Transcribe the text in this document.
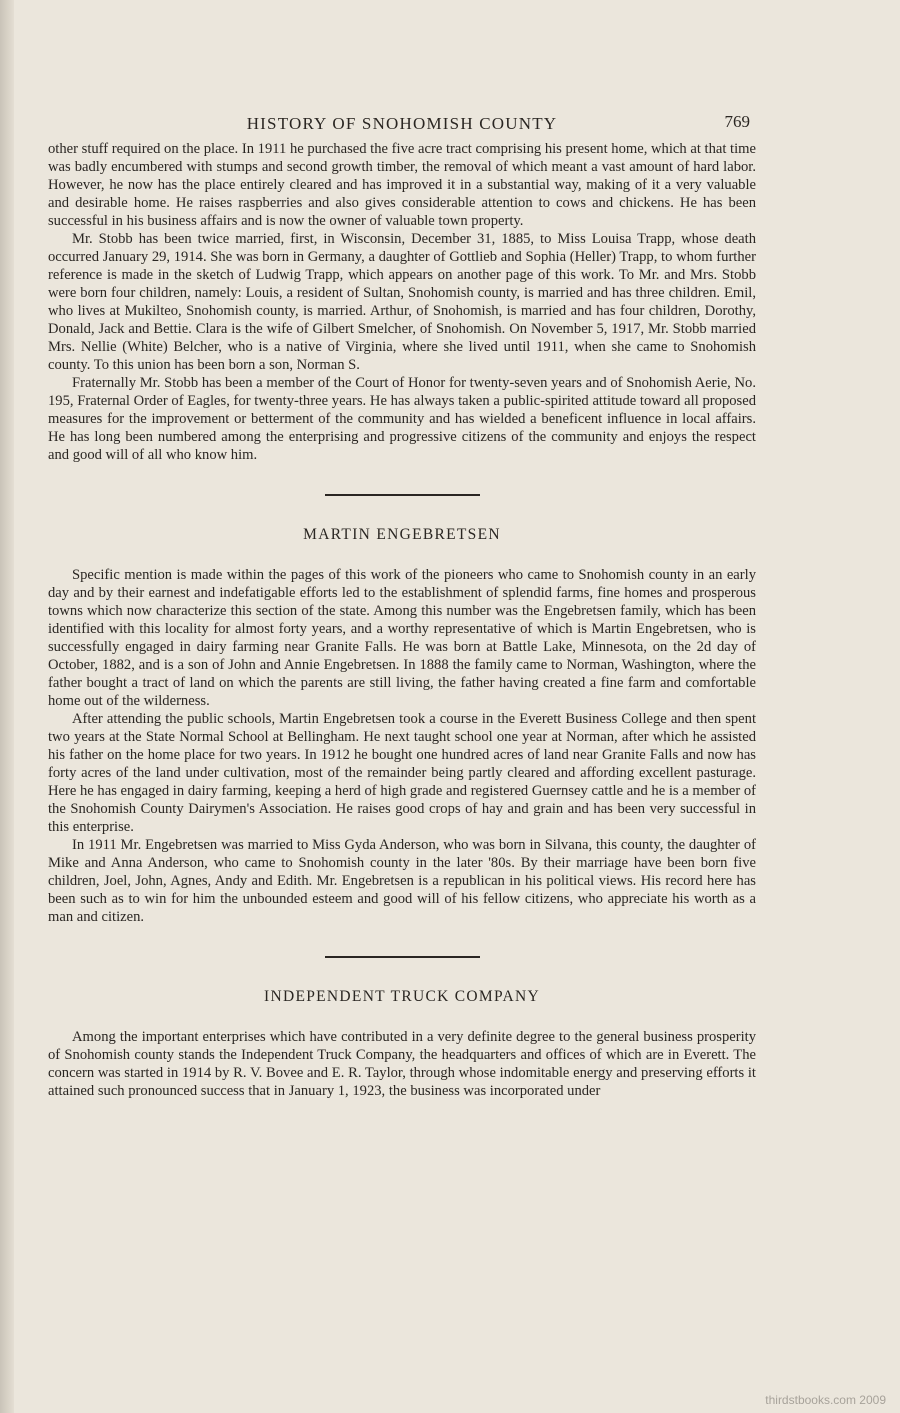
HISTORY OF SNOHOMISH COUNTY	769

other stuff required on the place. In 1911 he purchased the five acre tract comprising his present home, which at that time was badly encumbered with stumps and second growth timber, the removal of which meant a vast amount of hard labor. However, he now has the place entirely cleared and has improved it in a substantial way, making of it a very valuable and desirable home. He raises raspberries and also gives considerable attention to cows and chickens. He has been successful in his business affairs and is now the owner of valuable town property.

Mr. Stobb has been twice married, first, in Wisconsin, December 31, 1885, to Miss Louisa Trapp, whose death occurred January 29, 1914. She was born in Germany, a daughter of Gottlieb and Sophia (Heller) Trapp, to whom further reference is made in the sketch of Ludwig Trapp, which appears on another page of this work. To Mr. and Mrs. Stobb were born four children, namely: Louis, a resident of Sultan, Snohomish county, is married and has three children. Emil, who lives at Mukilteo, Snohomish county, is married. Arthur, of Snohomish, is married and has four children, Dorothy, Donald, Jack and Bettie. Clara is the wife of Gilbert Smelcher, of Snohomish. On November 5, 1917, Mr. Stobb married Mrs. Nellie (White) Belcher, who is a native of Virginia, where she lived until 1911, when she came to Snohomish county. To this union has been born a son, Norman S.

Fraternally Mr. Stobb has been a member of the Court of Honor for twenty-seven years and of Snohomish Aerie, No. 195, Fraternal Order of Eagles, for twenty-three years. He has always taken a public-spirited attitude toward all proposed measures for the improvement or betterment of the community and has wielded a beneficent influence in local affairs. He has long been numbered among the enterprising and progressive citizens of the community and enjoys the respect and good will of all who know him.

MARTIN ENGEBRETSEN

Specific mention is made within the pages of this work of the pioneers who came to Snohomish county in an early day and by their earnest and indefatigable efforts led to the establishment of splendid farms, fine homes and prosperous towns which now characterize this section of the state. Among this number was the Engebretsen family, which has been identified with this locality for almost forty years, and a worthy representative of which is Martin Engebretsen, who is successfully engaged in dairy farming near Granite Falls. He was born at Battle Lake, Minnesota, on the 2d day of October, 1882, and is a son of John and Annie Engebretsen. In 1888 the family came to Norman, Washington, where the father bought a tract of land on which the parents are still living, the father having created a fine farm and comfortable home out of the wilderness.

After attending the public schools, Martin Engebretsen took a course in the Everett Business College and then spent two years at the State Normal School at Bellingham. He next taught school one year at Norman, after which he assisted his father on the home place for two years. In 1912 he bought one hundred acres of land near Granite Falls and now has forty acres of the land under cultivation, most of the remainder being partly cleared and affording excellent pasturage. Here he has engaged in dairy farming, keeping a herd of high grade and registered Guernsey cattle and he is a member of the Snohomish County Dairymen's Association. He raises good crops of hay and grain and has been very successful in this enterprise.

In 1911 Mr. Engebretsen was married to Miss Gyda Anderson, who was born in Silvana, this county, the daughter of Mike and Anna Anderson, who came to Snohomish county in the later '80s. By their marriage have been born five children, Joel, John, Agnes, Andy and Edith. Mr. Engebretsen is a republican in his political views. His record here has been such as to win for him the unbounded esteem and good will of his fellow citizens, who appreciate his worth as a man and citizen.

INDEPENDENT TRUCK COMPANY

Among the important enterprises which have contributed in a very definite degree to the general business prosperity of Snohomish county stands the Independent Truck Company, the headquarters and offices of which are in Everett. The concern was started in 1914 by R. V. Bovee and E. R. Taylor, through whose indomitable energy and preserving efforts it attained such pronounced success that in January 1, 1923, the business was incorporated under

thirdstbooks.com 2009
